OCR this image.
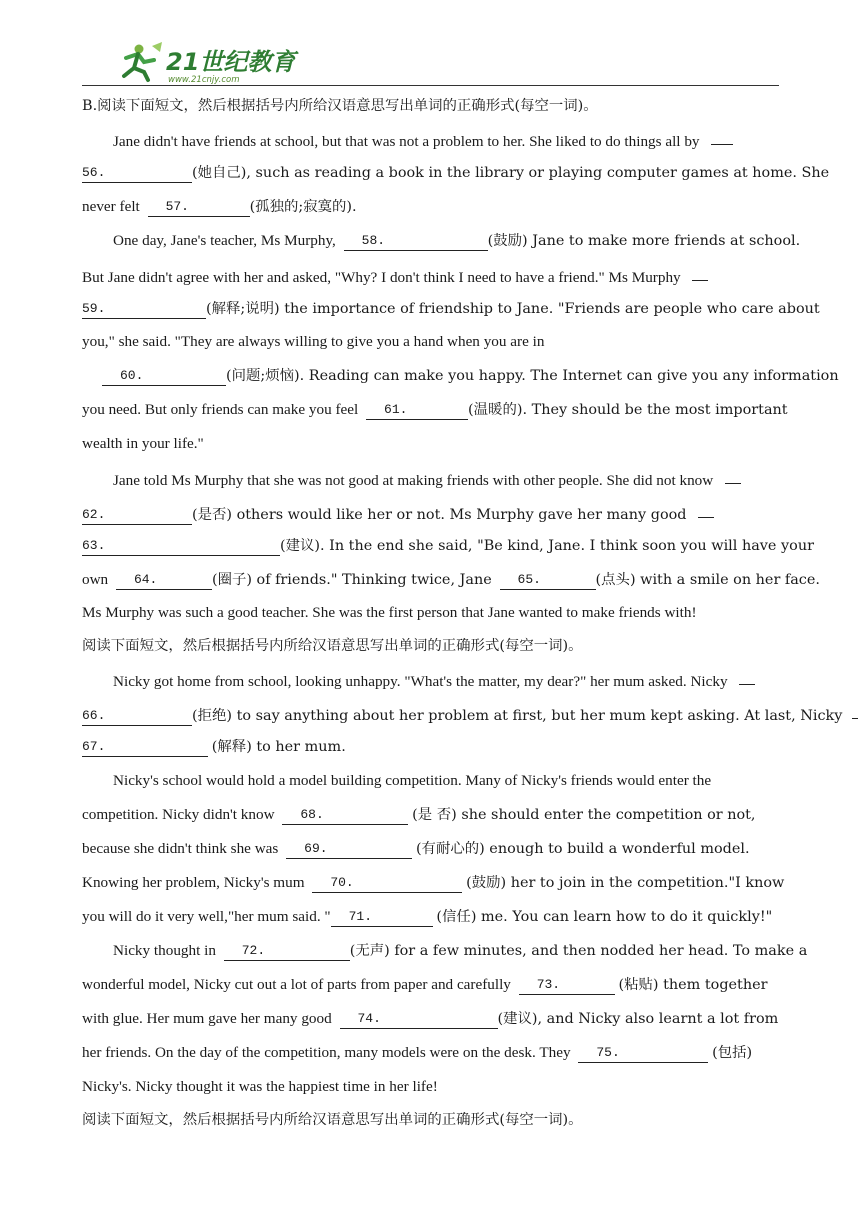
21世纪教育
www.21cnjy.com
B.阅读下面短文，然后根据括号内所给汉语意思写出单词的正确形式(每空一词)。
Jane didn't have friends at school, but that was not a problem to her. She liked to do things all by
56.	(她自己), such as reading a book in the library or playing computer games at home. She
never felt 57.	(孤独的;寂寞的).
One day, Jane's teacher, Ms Murphy, 58.	(鼓励) Jane to make more friends at school.
But Jane didn't agree with her and asked, "Why? I don't think I need to have a friend." Ms Murphy
59.	(解释;说明) the importance of friendship to Jane. "Friends are people who care about
you," she said. "They are always willing to give you a hand when you are in
60.	(问题;烦恼). Reading can make you happy. The Internet can give you any information
you need. But only friends can make you feel 61.	(温暖的). They should be the most important
wealth in your life."
Jane told Ms Murphy that she was not good at making friends with other people. She did not know
62.	(是否) others would like her or not. Ms Murphy gave her many good
63.	(建议). In the end she said, "Be kind, Jane. I think soon you will have your
own 64.	(圈子) of friends." Thinking twice, Jane 65.	(点头) with a smile on her face.
Ms Murphy was such a good teacher. She was the first person that Jane wanted to make friends with!
阅读下面短文，然后根据括号内所给汉语意思写出单词的正确形式(每空一词)。
Nicky got home from school, looking unhappy. "What's the matter, my dear?" her mum asked. Nicky
66.	(拒绝) to say anything about her problem at first, but her mum kept asking. At last, Nicky
67.	(解释) to her mum.
Nicky's school would hold a model building competition. Many of Nicky's friends would enter the
competition. Nicky didn't know 68.	(是 否) she should enter the competition or not,
because she didn't think she was 69.	(有耐心的) enough to build a wonderful model.
Knowing her problem, Nicky's mum 70.	(鼓励) her to join in the competition."I know
you will do it very well,"her mum said. " 71.	(信任) me. You can learn how to do it quickly!"
Nicky thought in 72.	(无声) for a few minutes, and then nodded her head. To make a
wonderful model, Nicky cut out a lot of parts from paper and carefully 73.	(粘贴) them together
with glue. Her mum gave her many good 74.	(建议), and Nicky also learnt a lot from
her friends. On the day of the competition, many models were on the desk. They 75.	(包括)
Nicky's. Nicky thought it was the happiest time in her life!
阅读下面短文，然后根据括号内所给汉语意思写出单词的正确形式(每空一词)。
